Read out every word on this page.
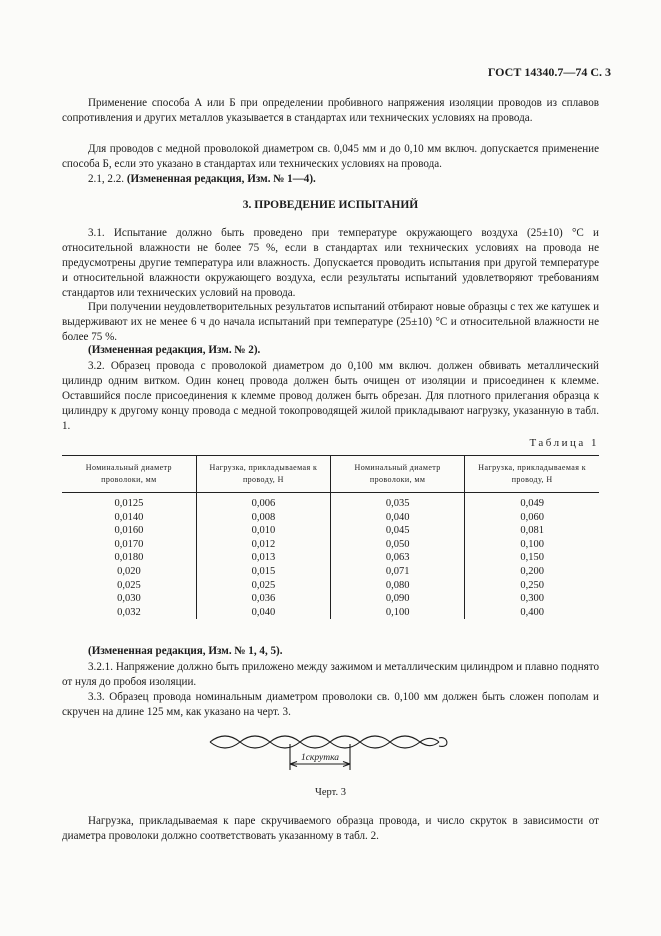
ГОСТ 14340.7—74 С. 3

Применение способа А или Б при определении пробивного напряжения изоляции проводов из сплавов сопротивления и других металлов указывается в стандартах или технических условиях на провода.

Для проводов с медной проволокой диаметром св. 0,045 мм и до 0,10 мм включ. допускается применение способа Б, если это указано в стандартах или технических условиях на провода.

2.1, 2.2. (Измененная редакция, Изм. № 1—4).

3. ПРОВЕДЕНИЕ ИСПЫТАНИЙ

3.1. Испытание должно быть проведено при температуре окружающего воздуха (25±10) °С и относительной влажности не более 75 %, если в стандартах или технических условиях на провода не предусмотрены другие температура или влажность. Допускается проводить испытания при другой температуре и относительной влажности окружающего воздуха, если результаты испытаний удовлетворяют требованиям стандартов или технических условий на провода.

При получении неудовлетворительных результатов испытаний отбирают новые образцы с тех же катушек и выдерживают их не менее 6 ч до начала испытаний при температуре (25±10) °С и относительной влажности не более 75 %.

(Измененная редакция, Изм. № 2).

3.2. Образец провода с проволокой диаметром до 0,100 мм включ. должен обвивать металлический цилиндр одним витком. Один конец провода должен быть очищен от изоляции и присоединен к клемме. Оставшийся после присоединения к клемме провод должен быть обрезан. Для плотного прилегания образца к цилиндру к другому концу провода с медной токопроводящей жилой прикладывают нагрузку, указанную в табл. 1.

Таблица 1
Номинальный диаметр проволоки, мм	Нагрузка, прикладываемая к проводу, Н	Номинальный диаметр проволоки, мм	Нагрузка, прикладываемая к проводу, Н
0,0125	0,006	0,035	0,049
0,0140	0,008	0,040	0,060
0,0160	0,010	0,045	0,081
0,0170	0,012	0,050	0,100
0,0180	0,013	0,063	0,150
0,020	0,015	0,071	0,200
0,025	0,025	0,080	0,250
0,030	0,036	0,090	0,300
0,032	0,040	0,100	0,400

(Измененная редакция, Изм. № 1, 4, 5).

3.2.1. Напряжение должно быть приложено между зажимом и металлическим цилиндром и плавно поднято от нуля до пробоя изоляции.

3.3. Образец провода номинальным диаметром проволоки св. 0,100 мм должен быть сложен пополам и скручен на длине 125 мм, как указано на черт. 3.

1скрутка
Черт. 3

Нагрузка, прикладываемая к паре скручиваемого образца провода, и число скруток в зависимости от диаметра проволоки должно соответствовать указанному в табл. 2.
